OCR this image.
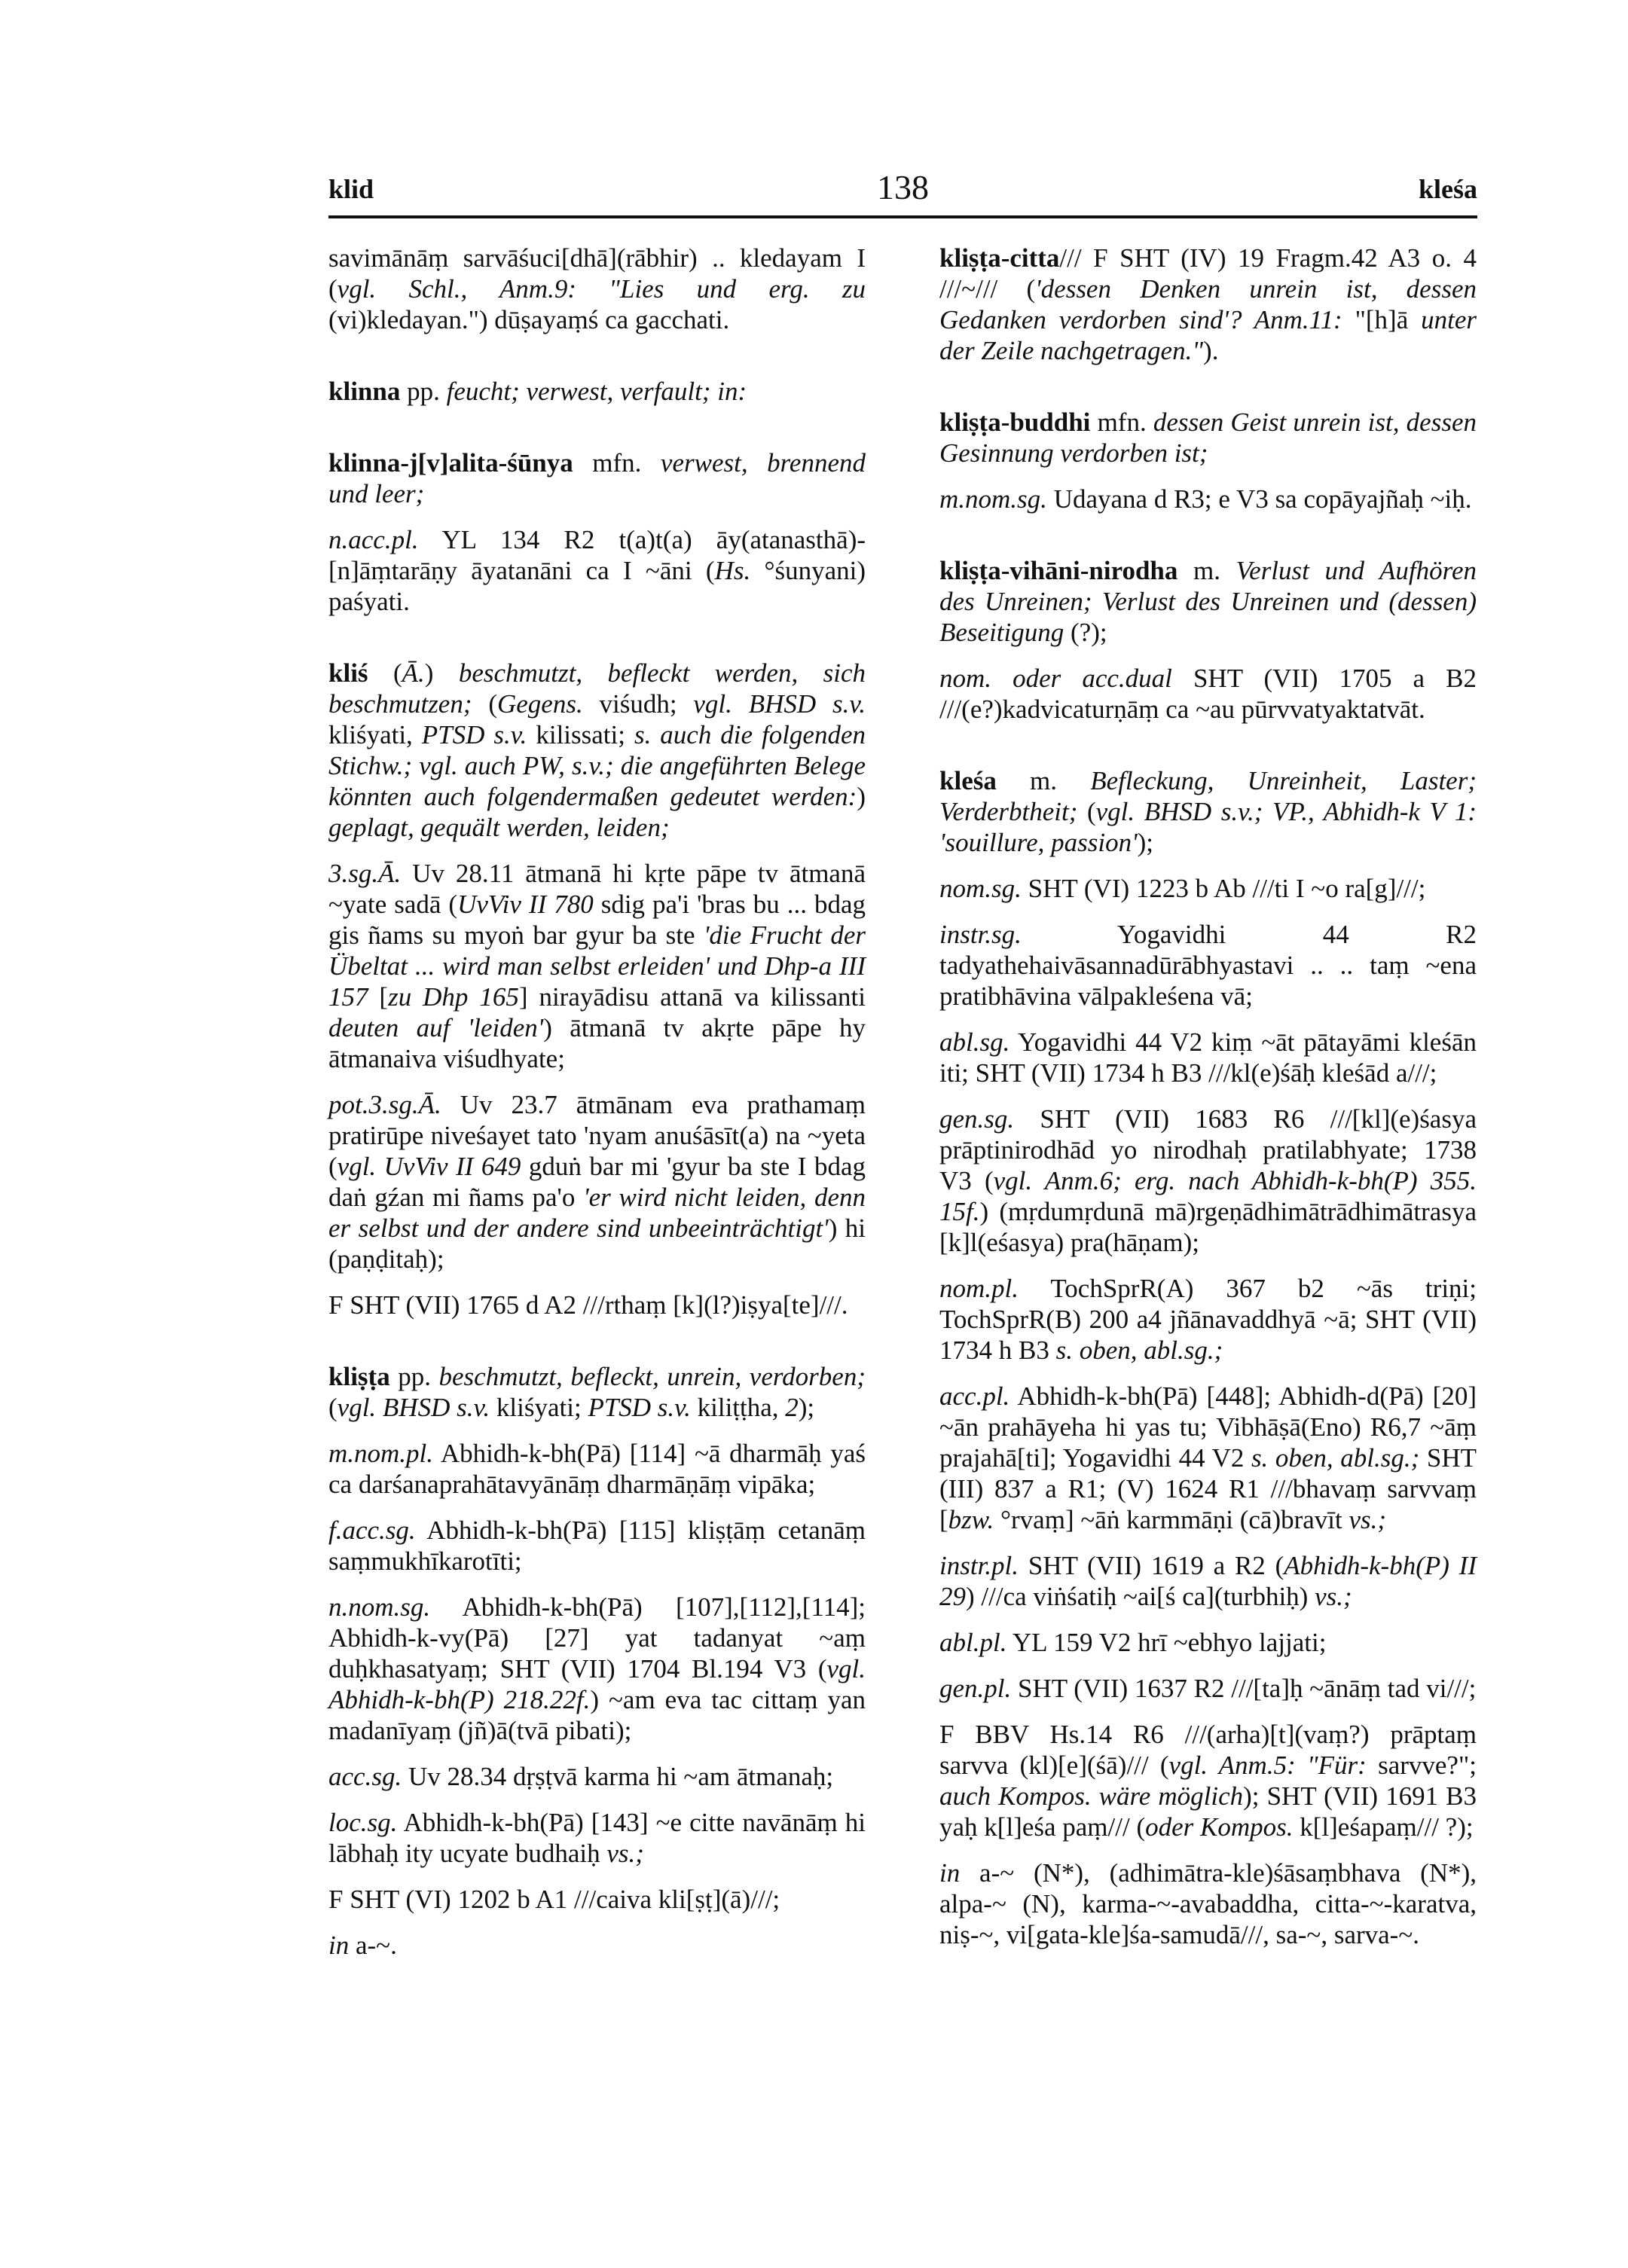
klid	138	kleśa

savimānāṃ sarvāśuci[dhā](rābhir) .. kledayam I (vgl. Schl., Anm.9: "Lies und erg. zu (vi)kledayan.") dūṣayaṃś ca gacchati.

klinna pp. feucht; verwest, verfault; in:

klinna-j[v]alita-śūnya mfn. verwest, brennend und leer;

n.acc.pl. YL 134 R2 t(a)t(a) āy(atanasthā)-[n]āṃtarāṇy āyatanāni ca I ~āni (Hs. °śunyani) paśyati.

kliś (Ā.) beschmutzt, befleckt werden, sich beschmutzen; (Gegens. viśudh; vgl. BHSD s.v. kliśyati, PTSD s.v. kilissati; s. auch die folgenden Stichw.; vgl. auch PW, s.v.; die angeführten Belege könnten auch folgendermaßen gedeutet werden:) geplagt, gequält werden, leiden;

3.sg.Ā. Uv 28.11 ātmanā hi kṛte pāpe tv ātmanā ~yate sadā (UvViv II 780 sdig pa'i 'bras bu ... bdag gis ñams su myoṅ bar gyur ba ste 'die Frucht der Übeltat ... wird man selbst erleiden' und Dhp-a III 157 [zu Dhp 165] nirayādisu attanā va kilissanti deuten auf 'leiden') ātmanā tv akṛte pāpe hy ātmanaiva viśudhyate;

pot.3.sg.Ā. Uv 23.7 ātmānam eva prathamaṃ pratirūpe niveśayet tato 'nyam anuśāsīt(a) na ~yeta (vgl. UvViv II 649 gduṅ bar mi 'gyur ba ste I bdag daṅ gźan mi ñams pa'o 'er wird nicht leiden, denn er selbst und der andere sind unbeeinträchtigt') hi (paṇḍitaḥ);

F SHT (VII) 1765 d A2 ///rthaṃ [k](l?)iṣya[te]///.

kliṣṭa pp. beschmutzt, befleckt, unrein, verdorben; (vgl. BHSD s.v. kliśyati; PTSD s.v. kiliṭṭha, 2);

m.nom.pl. Abhidh-k-bh(Pā) [114] ~ā dharmāḥ yaś ca darśanaprahātavyānāṃ dharmāṇāṃ vipāka;

f.acc.sg. Abhidh-k-bh(Pā) [115] kliṣṭāṃ cetanāṃ saṃmukhīkarotīti;

n.nom.sg. Abhidh-k-bh(Pā) [107],[112],[114]; Abhidh-k-vy(Pā) [27] yat tadanyat ~aṃ duḥkhasatyaṃ; SHT (VII) 1704 Bl.194 V3 (vgl. Abhidh-k-bh(P) 218.22f.) ~am eva tac cittaṃ yan madanīyaṃ (jñ)ā(tvā pibati);

acc.sg. Uv 28.34 dṛṣṭvā karma hi ~am ātmanaḥ;

loc.sg. Abhidh-k-bh(Pā) [143] ~e citte navānāṃ hi lābhaḥ ity ucyate budhaiḥ vs.;

F SHT (VI) 1202 b A1 ///caiva kli[ṣṭ](ā)///;

in a-~.

kliṣṭa-citta/// F SHT (IV) 19 Fragm.42 A3 o. 4 ///~/// ('dessen Denken unrein ist, dessen Gedanken verdorben sind'? Anm.11: "[h]ā unter der Zeile nachgetragen.").

kliṣṭa-buddhi mfn. dessen Geist unrein ist, dessen Gesinnung verdorben ist;

m.nom.sg. Udayana d R3; e V3 sa copāyajñaḥ ~iḥ.

kliṣṭa-vihāni-nirodha m. Verlust und Aufhören des Unreinen; Verlust des Unreinen und (dessen) Beseitigung (?);

nom. oder acc.dual SHT (VII) 1705 a B2 ///(e?)kadvicaturṇāṃ ca ~au pūrvvatyaktatvāt.

kleśa m. Befleckung, Unreinheit, Laster; Verderbtheit; (vgl. BHSD s.v.; VP., Abhidh-k V 1: 'souillure, passion');

nom.sg. SHT (VI) 1223 b Ab ///ti I ~o ra[g]///;

instr.sg. Yogavidhi 44 R2 tadyathehaivāsannadūrābhyastavi .. .. taṃ ~ena pratibhāvina vālpakleśena vā;

abl.sg. Yogavidhi 44 V2 kiṃ ~āt pātayāmi kleśān iti; SHT (VII) 1734 h B3 ///kl(e)śāḥ kleśād a///;

gen.sg. SHT (VII) 1683 R6 ///[kl](e)śasya prāptinirodhād yo nirodhaḥ pratilabhyate; 1738 V3 (vgl. Anm.6; erg. nach Abhidh-k-bh(P) 355. 15f.) (mṛdumṛdunā mā)rgeṇādhimātrādhimātrasya [k]l(eśasya) pra(hāṇam);

nom.pl. TochSprR(A) 367 b2 ~ās triṇi; TochSprR(B) 200 a4 jñānavaddhyā ~ā; SHT (VII) 1734 h B3 s. oben, abl.sg.;

acc.pl. Abhidh-k-bh(Pā) [448]; Abhidh-d(Pā) [20] ~ān prahāyeha hi yas tu; Vibhāṣā(Eno) R6,7 ~āṃ prajahā[ti]; Yogavidhi 44 V2 s. oben, abl.sg.; SHT (III) 837 a R1; (V) 1624 R1 ///bhavaṃ sarvvaṃ [bzw. °rvaṃ] ~āṅ karmmāṇi (cā)bravīt vs.;

instr.pl. SHT (VII) 1619 a R2 (Abhidh-k-bh(P) II 29) ///ca viṅśatiḥ ~ai[ś ca](turbhiḥ) vs.;

abl.pl. YL 159 V2 hrī ~ebhyo lajjati;

gen.pl. SHT (VII) 1637 R2 ///[ta]ḥ ~ānāṃ tad vi///;

F BBV Hs.14 R6 ///(arha)[t](vaṃ?) prāptaṃ sarvva (kl)[e](śā)/// (vgl. Anm.5: "Für: sarvve?"; auch Kompos. wäre möglich); SHT (VII) 1691 B3 yaḥ k[l]eśa paṃ/// (oder Kompos. k[l]eśapaṃ/// ?);

in a-~ (N*), (adhimātra-kle)śāsaṃbhava (N*), alpa-~ (N), karma-~-avabaddha, citta-~-karatva, niṣ-~, vi[gata-kle]śa-samudā///, sa-~, sarva-~.
